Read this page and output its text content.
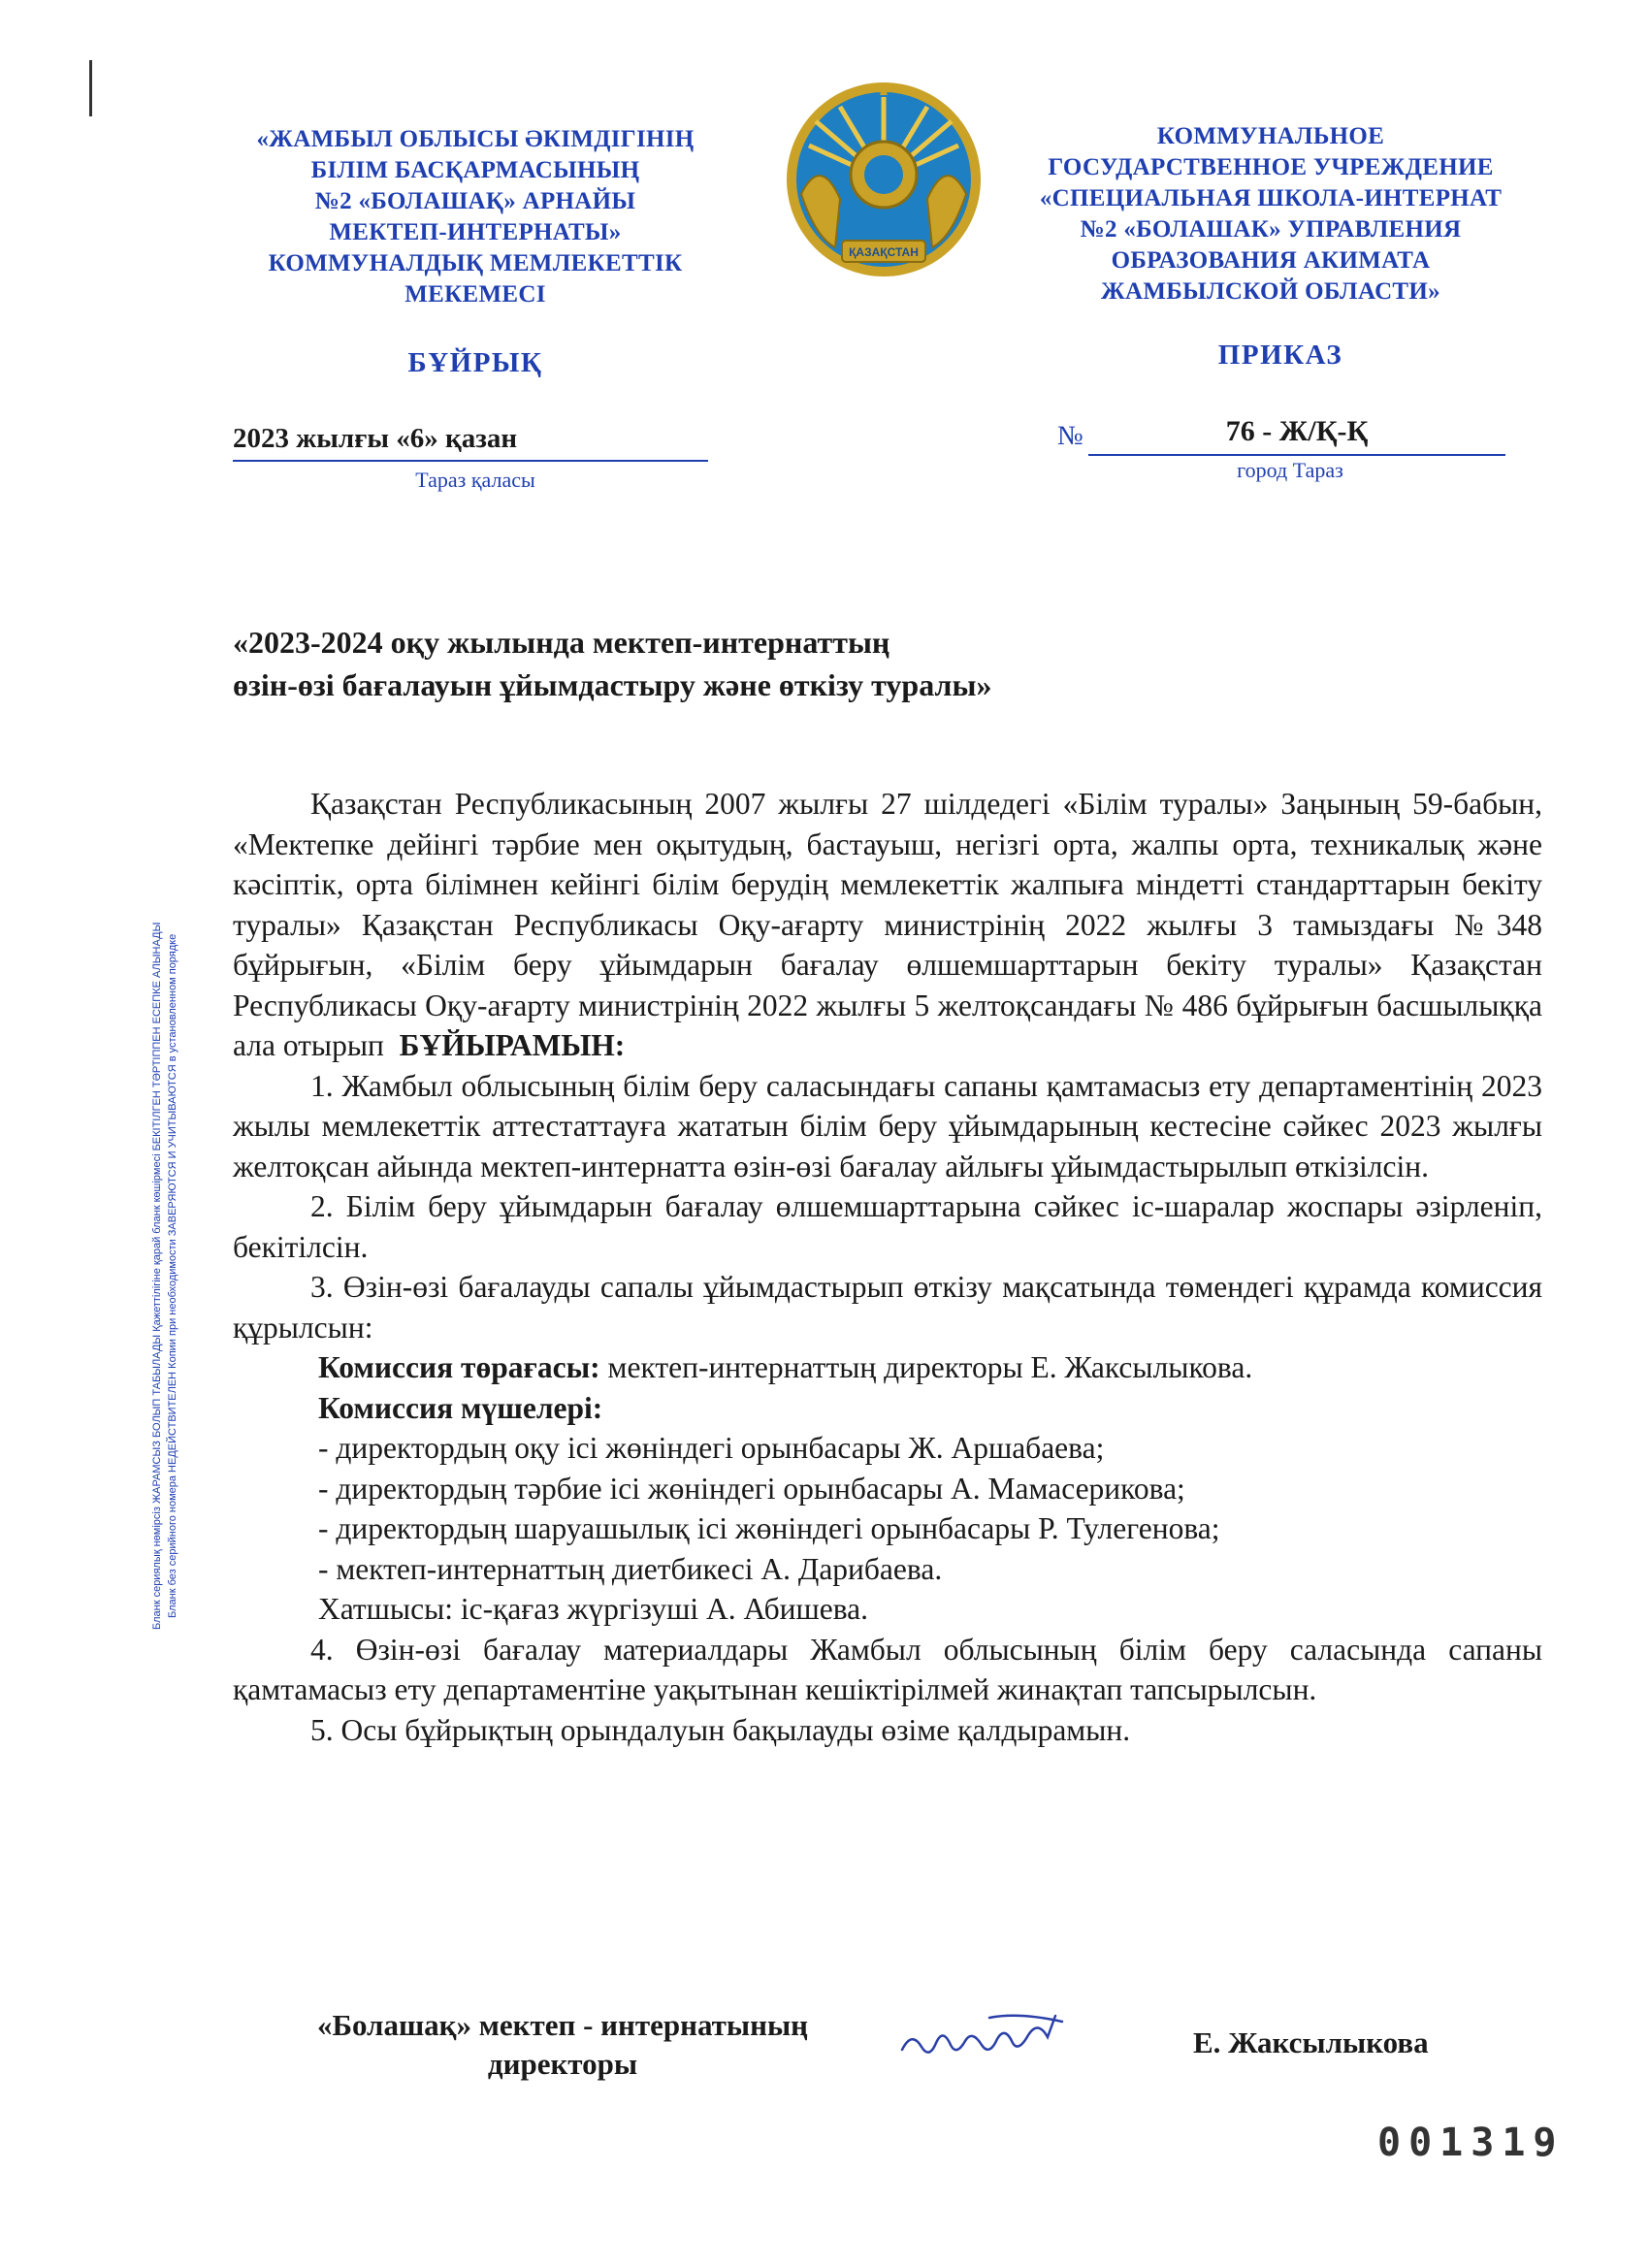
Бланк сериялық нөмірсіз ЖАРАМСЫЗ БОЛЫП ТАБЫЛАДЫ Қажеттілігіне қарай бланк көшірмесі БЕКІТІЛГЕН ТӘРТІППЕН ЕСЕПКЕ АЛЫНАДЫ Бланк без серийного номера НЕДЕЙСТВИТЕЛЕН Копии при необходимости ЗАВЕРЯЮТСЯ И УЧИТЫВАЮТСЯ в установленном порядке
«ЖАМБЫЛ ОБЛЫСЫ ӘКІМДІГІНІҢ
БІЛІМ БАСҚАРМАСЫНЫҢ
№2 «БОЛАШАҚ» АРНАЙЫ
МЕКТЕП-ИНТЕРНАТЫ»
КОММУНАЛДЫҚ МЕМЛЕКЕТТІК
МЕКЕМЕСІ
ҚАЗАҚСТАН
КОММУНАЛЬНОЕ
ГОСУДАРСТВЕННОЕ УЧРЕЖДЕНИЕ
«СПЕЦИАЛЬНАЯ ШКОЛА-ИНТЕРНАТ
№2 «БОЛАШАК» УПРАВЛЕНИЯ
ОБРАЗОВАНИЯ АКИМАТА
ЖАМБЫЛСКОЙ ОБЛАСТИ»
БҰЙРЫҚ	ПРИКАЗ
2023 жылғы «6» қазан
Тараз қаласы
№	76 - Ж/Қ-Қ
город Тараз
«2023-2024 оқу жылында мектеп-интернаттың
өзін-өзі бағалауын ұйымдастыру және өткізу туралы»
Қазақстан Республикасының 2007 жылғы 27 шілдедегі «Білім туралы» Заңының 59-бабын, «Мектепке дейінгі тәрбие мен оқытудың, бастауыш, негізгі орта, жалпы орта, техникалық және кәсіптік, орта білімнен кейінгі білім берудің мемлекеттік жалпыға міндетті стандарттарын бекіту туралы» Қазақстан Республикасы Оқу-ағарту министрінің 2022 жылғы 3 тамыздағы №348 бұйрығын, «Білім беру ұйымдарын бағалау өлшемшарттарын бекіту туралы» Қазақстан Республикасы Оқу-ағарту министрінің 2022 жылғы 5 желтоқсандағы № 486 бұйрығын басшылыққа ала отырып БҰЙЫРАМЫН:
1. Жамбыл облысының білім беру саласындағы сапаны қамтамасыз ету департаментінің 2023 жылы мемлекеттік аттестаттауға жататын білім беру ұйымдарының кестесіне сәйкес 2023 жылғы желтоқсан айында мектеп-интернатта өзін-өзі бағалау айлығы ұйымдастырылып өткізілсін.
2. Білім беру ұйымдарын бағалау өлшемшарттарына сәйкес іс-шаралар жоспары әзірленіп, бекітілсін.
3. Өзін-өзі бағалауды сапалы ұйымдастырып өткізу мақсатында төмендегі құрамда комиссия құрылсын:
Комиссия төрағасы: мектеп-интернаттың директоры Е. Жаксылыкова.
Комиссия мүшелері:
- директордың оқу ісі жөніндегі орынбасары Ж. Аршабаева;
- директордың тәрбие ісі жөніндегі орынбасары А. Мамасерикова;
- директордың шаруашылық ісі жөніндегі орынбасары Р. Тулегенова;
- мектеп-интернаттың диетбикесі А. Дарибаева.
Хатшысы: іс-қағаз жүргізуші А. Абишева.
4. Өзін-өзі бағалау материалдары Жамбыл облысының білім беру саласында сапаны қамтамасыз ету департаментіне уақытынан кешіктірілмей жинақтап тапсырылсын.
5. Осы бұйрықтың орындалуын бақылауды өзіме қалдырамын.
«Болашақ» мектеп - интернатының
директоры
Е. Жаксылыкова
001319
